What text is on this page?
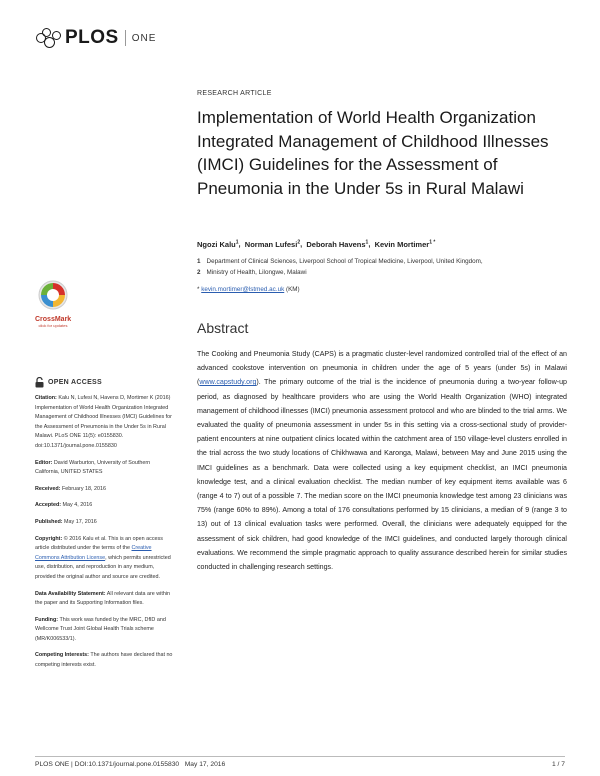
PLOS ONE
RESEARCH ARTICLE
Implementation of World Health Organization Integrated Management of Childhood Illnesses (IMCI) Guidelines for the Assessment of Pneumonia in the Under 5s in Rural Malawi
Ngozi Kalu$^1$,  Norman Lufesi$^2$,  Deborah Havens$^1$,  Kevin Mortimer$^{1 *}$
1 Department of Clinical Sciences, Liverpool School of Tropical Medicine, Liverpool, United Kingdom,
2 Ministry of Health, Lilongwe, Malawi
* kevin.mortimer@lstmed.ac.uk (KM)
CrossMark
click for updates	Abstract
The Cooking and Pneumonia Study (CAPS) is a pragmatic cluster-level randomized controlled trial of the effect of an advanced cookstove intervention on pneumonia in children under the age of 5 years (under 5s) in Malawi (www.capstudy.org). The primary outcome of the trial is the incidence of pneumonia during a two-year follow-up period, as diagnosed by healthcare providers who are using the World Health Organization (WHO) integrated management of childhood illnesses (IMCI) pneumonia assessment protocol and who are blinded to the trial arms. We evaluated the quality of pneumonia assessment in under 5s in this setting via a cross-sectional study of provider-patient encounters at nine outpatient clinics located within the catchment area of 150 village-level clusters enrolled in the trial across the two study locations of Chikhwawa and Karonga, Malawi, between May and June 2015 using the IMCI guidelines as a benchmark. Data were collected using a key equipment checklist, an IMCI pneumonia knowledge test, and a clinical evaluation checklist. The median number of key equipment items available was 6 (range 4 to 7) out of a possible 7. The median score on the IMCI pneumonia knowledge test among 23 clinicians was 75% (range 60% to 89%). Among a total of 176 consultations performed by 15 clinicians, a median of 9 (range 3 to 13) out of 13 clinical evaluation tasks were performed. Overall, the clinicians were adequately equipped for the assessment of sick children, had good knowledge of the IMCI guidelines, and conducted largely thorough clinical evaluations. We recommend the simple pragmatic approach to quality assurance described herein for similar studies conducted in challenging research settings.
OPEN ACCESS

Citation: Kalu N, Lufesi N, Havens D, Mortimer K (2016) Implementation of World Health Organization Integrated Management of Childhood Illnesses (IMCI) Guidelines for the Assessment of Pneumonia in the Under 5s in Rural Malawi. PLoS ONE 11(5): e0155830. doi:10.1371/journal.pone.0155830

Editor: David Warburton, University of Southern California, UNITED STATES

Received: February 18, 2016

Accepted: May 4, 2016

Published: May 17, 2016

Copyright: © 2016 Kalu et al. This is an open access article distributed under the terms of the Creative Commons Attribution License, which permits unrestricted use, distribution, and reproduction in any medium, provided the original author and source are credited.

Data Availability Statement: All relevant data are within the paper and its Supporting Information files.

Funding: This work was funded by the MRC, DfID and Wellcome Trust Joint Global Health Trials scheme (MR/K006533/1).

Competing Interests: The authors have declared that no competing interests exist.

PLOS ONE | DOI:10.1371/journal.pone.0155830   May 17, 2016	1 / 7
